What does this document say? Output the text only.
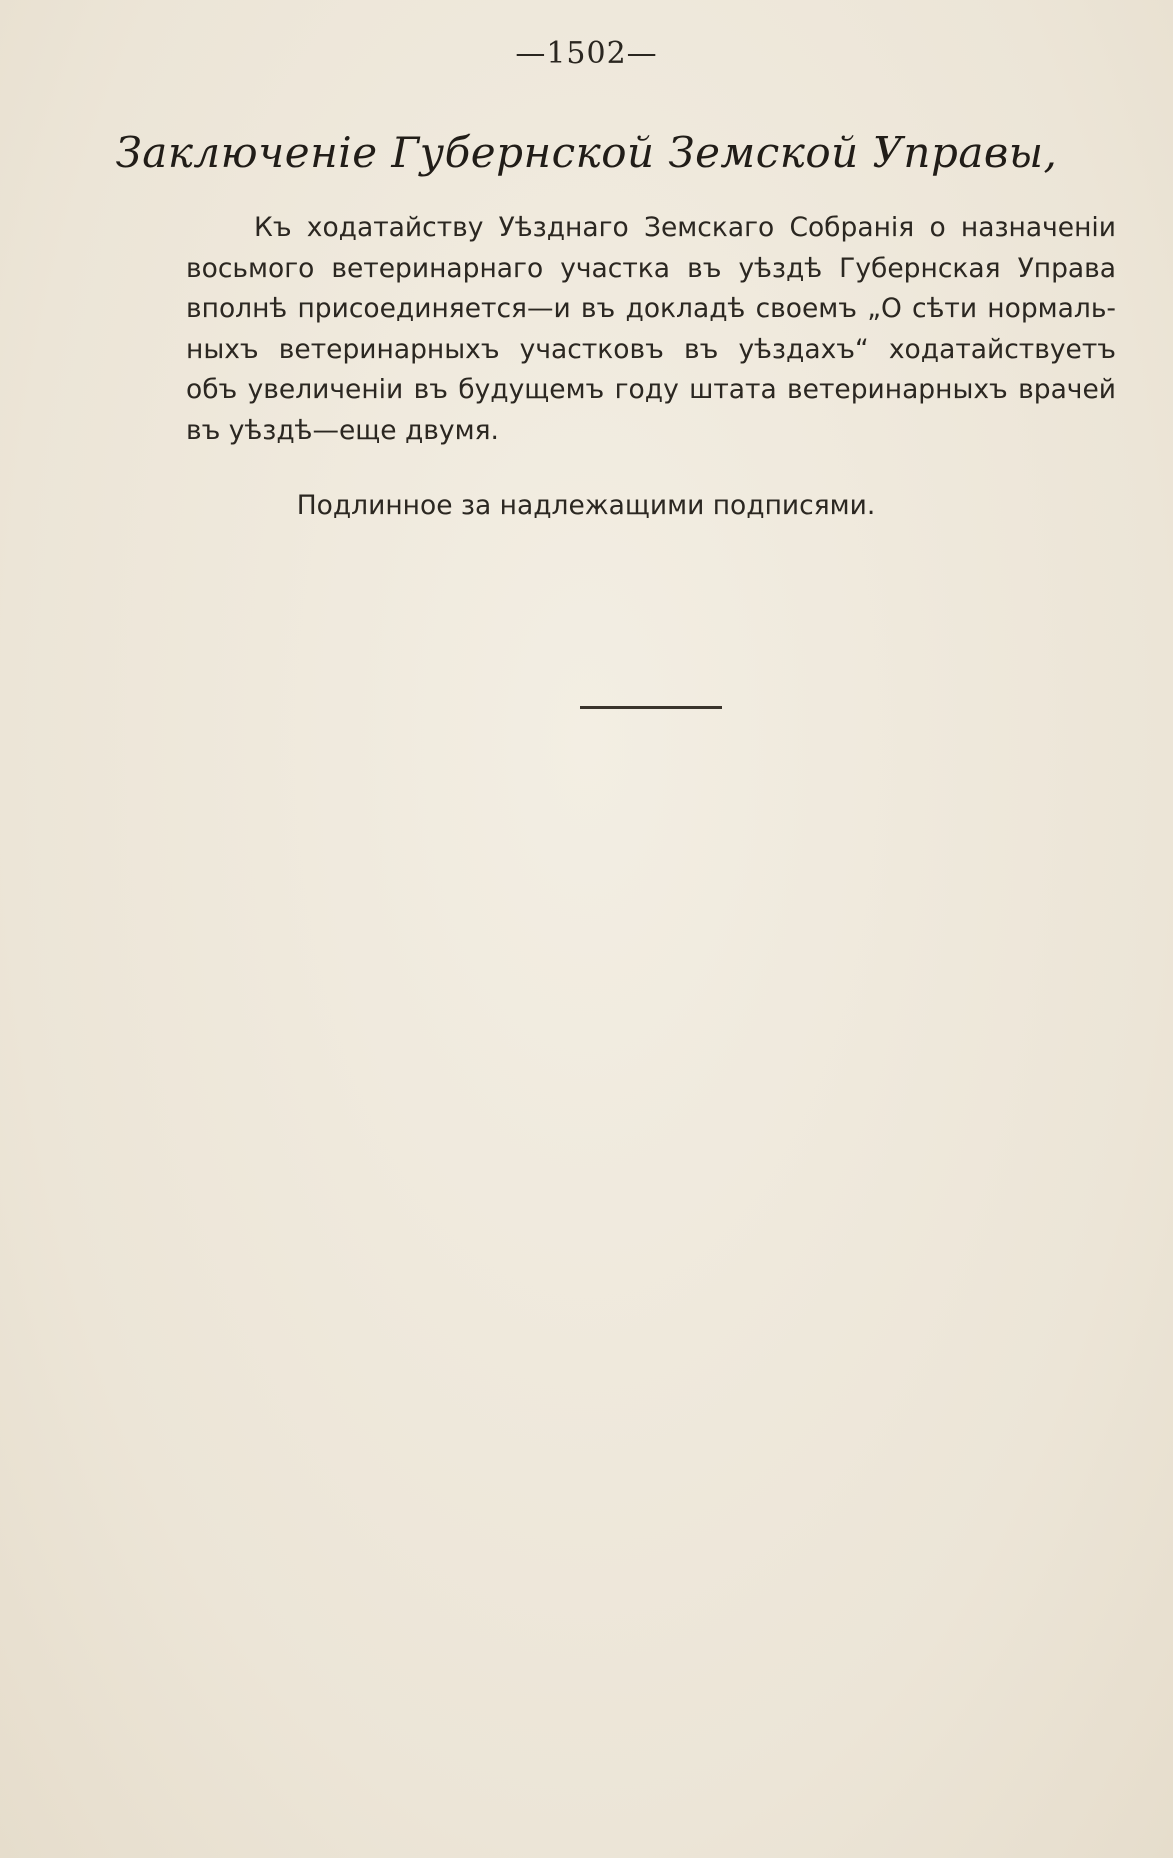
—1502—
Заключеніе Губернской Земской Управы,
Къ ходатайству Уѣзднаго Земскаго Собранія о назначеніи
восьмого ветеринарнаго участка въ уѣздѣ Губернская Управа
вполнѣ присоединяется—и въ докладѣ своемъ „О сѣти нормаль-
ныхъ ветеринарныхъ участковъ въ уѣздахъ“ ходатайствуетъ
объ увеличеніи въ будущемъ году штата ветеринарныхъ врачей
въ уѣздѣ—еще двумя.
Подлинное за надлежащими подписями.
